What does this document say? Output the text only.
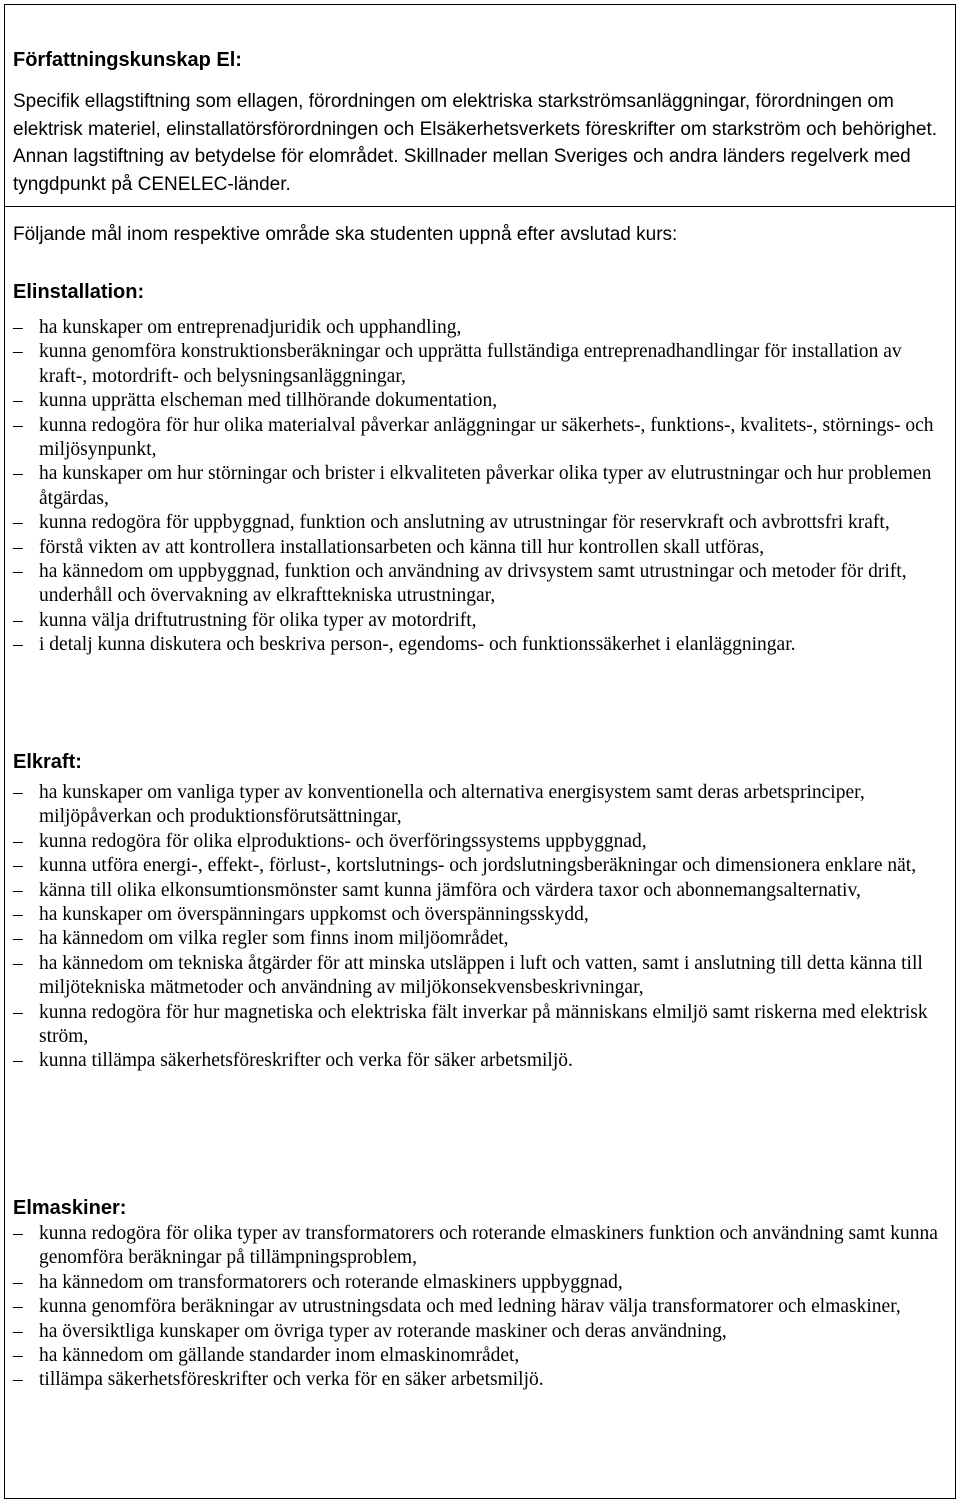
Författningskunskap El:

Specifik ellagstiftning som ellagen, förordningen om elektriska starkströmsanläggningar, förordningen om elektrisk materiel, elinstallatörsförordningen och Elsäkerhetsverkets föreskrifter om starkström och behörighet. Annan lagstiftning av betydelse för elområdet. Skillnader mellan Sveriges och andra länders regelverk med tyngdpunkt på CENELEC-länder.

Följande mål inom respektive område ska studenten uppnå efter avslutad kurs:

Elinstallation:
– ha kunskaper om entreprenadjuridik och upphandling,
– kunna genomföra konstruktionsberäkningar och upprätta fullständiga entreprenadhandlingar för installation av kraft-, motordrift- och belysningsanläggningar,
– kunna upprätta elscheman med tillhörande dokumentation,
– kunna redogöra för hur olika materialval påverkar anläggningar ur säkerhets-, funktions-, kvalitets-, störnings- och miljösynpunkt,
– ha kunskaper om hur störningar och brister i elkvaliteten påverkar olika typer av elutrustningar och hur problemen åtgärdas,
– kunna redogöra för uppbyggnad, funktion och anslutning av utrustningar för reservkraft och avbrottsfri kraft,
– förstå vikten av att kontrollera installationsarbeten och känna till hur kontrollen skall utföras,
– ha kännedom om uppbyggnad, funktion och användning av drivsystem samt utrustningar och metoder för drift, underhåll och övervakning av elkrafttekniska utrustningar,
– kunna välja driftutrustning för olika typer av motordrift,
– i detalj kunna diskutera och beskriva person-, egendoms- och funktionssäkerhet i elanläggningar.
Elkraft:
– ha kunskaper om vanliga typer av konventionella och alternativa energisystem samt deras arbetsprinciper, miljöpåverkan och produktionsförutsättningar,
– kunna redogöra för olika elproduktions- och överföringssystems uppbyggnad,
– kunna utföra energi-, effekt-, förlust-, kortslutnings- och jordslutningsberäkningar och dimensionera enklare nät,
– känna till olika elkonsumtionsmönster samt kunna jämföra och värdera taxor och abonnemangsalternativ,
– ha kunskaper om överspänningars uppkomst och överspänningsskydd,
– ha kännedom om vilka regler som finns inom miljöområdet,
– ha kännedom om tekniska åtgärder för att minska utsläppen i luft och vatten, samt i anslutning till detta känna till miljötekniska mätmetoder och användning av miljökonsekvensbeskrivningar,
– kunna redogöra för hur magnetiska och elektriska fält inverkar på människans elmiljö samt riskerna med elektrisk ström,
– kunna tillämpa säkerhetsföreskrifter och verka för säker arbetsmiljö.
Elmaskiner:
– kunna redogöra för olika typer av transformatorers och roterande elmaskiners funktion och användning samt kunna genomföra beräkningar på tillämpningsproblem,
– ha kännedom om transformatorers och roterande elmaskiners uppbyggnad,
– kunna genomföra beräkningar av utrustningsdata och med ledning härav välja transformatorer och elmaskiner,
– ha översiktliga kunskaper om övriga typer av roterande maskiner och deras användning,
– ha kännedom om gällande standarder inom elmaskinområdet,
– tillämpa säkerhetsföreskrifter och verka för en säker arbetsmiljö.
